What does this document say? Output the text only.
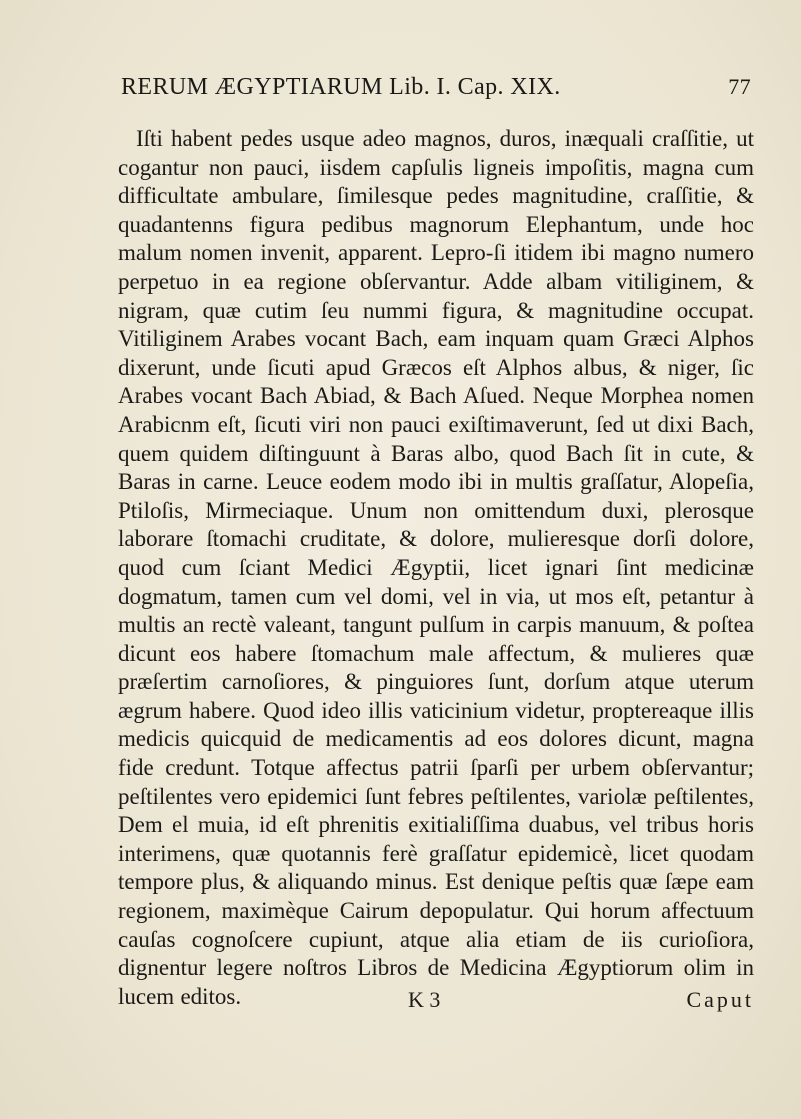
RERUM ÆGYPTIARUM Lib. I. Cap. XIX.	77

Iſti habent pedes usque adeo magnos, duros, inæquali craſſitie, ut cogantur non pauci, iisdem capſulis ligneis impoſitis, magna cum difficultate ambulare, ſimilesque pedes magnitudine, craſſitie, & quadantenns figura pedibus magnorum Elephantum, unde hoc malum nomen invenit, apparent. Lepro-ſi itidem ibi magno numero perpetuo in ea regione obſervantur. Adde albam vitiliginem, & nigram, quæ cutim ſeu nummi figura, & magnitudine occupat. Vitiliginem Arabes vocant Bach, eam inquam quam Græci Alphos dixerunt, unde ſicuti apud Græcos eſt Alphos albus, & niger, ſic Arabes vocant Bach Abiad, & Bach Aſued. Neque Morphea nomen Arabicnm eſt, ſicuti viri non pauci exiſtimaverunt, ſed ut dixi Bach, quem quidem diſtinguunt à Baras albo, quod Bach ſit in cute, & Baras in carne. Leuce eodem modo ibi in multis graſſatur, Alopeſia, Ptiloſis, Mirmeciaque. Unum non omittendum duxi, plerosque laborare ſtomachi cruditate, & dolore, mulieresque dorſi dolore, quod cum ſciant Medici Ægyptii, licet ignari ſint medicinæ dogmatum, tamen cum vel domi, vel in via, ut mos eſt, petantur à multis an rectè valeant, tangunt pulſum in carpis manuum, & poſtea dicunt eos habere ſtomachum male affectum, & mulieres quæ præſertim carnoſiores, & pinguiores ſunt, dorſum atque uterum ægrum habere. Quod ideo illis vaticinium videtur, proptereaque illis medicis quicquid de medicamentis ad eos dolores dicunt, magna fide credunt. Totque affectus patrii ſparſi per urbem obſervantur; peſtilentes vero epidemici ſunt febres peſtilentes, variolæ peſtilentes, Dem el muia, id eſt phrenitis exitialiſſima duabus, vel tribus horis interimens, quæ quotannis ferè graſſatur epidemicè, licet quodam tempore plus, & aliquando minus. Est denique peſtis quæ ſæpe eam regionem, maximèque Cairum depopulatur. Qui horum affectuum cauſas cognoſcere cupiunt, atque alia etiam de iis curioſiora, dignentur legere noſtros Libros de Medicina Ægyptiorum olim in lucem editos.	K 3	Caput
